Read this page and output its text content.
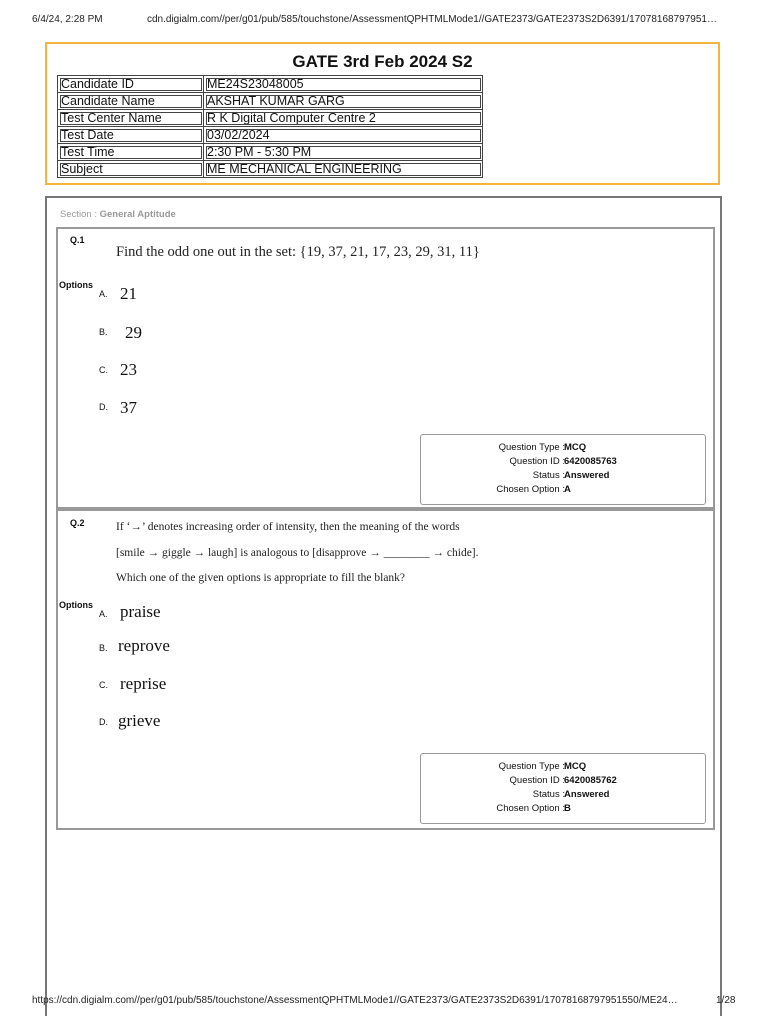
6/4/24, 2:28 PM	cdn.digialm.com//per/g01/pub/585/touchstone/AssessmentQPHTMLMode1//GATE2373/GATE2373S2D6391/17078168797951…
GATE 3rd Feb 2024 S2
Candidate ID	ME24S23048005
Candidate Name	AKSHAT KUMAR GARG
Test Center Name	R K Digital Computer Centre 2
Test Date	03/02/2024
Test Time	2:30 PM - 5:30 PM
Subject	ME MECHANICAL ENGINEERING
Section : General Aptitude
Q.1
Find the odd one out in the set: {19, 37, 21, 17, 23, 29, 31, 11}
Options
A. 21
B. 29
C. 23
D. 37
Question Type : MCQ
Question ID : 6420085763
Status : Answered
Chosen Option : A
Q.2	If ‘→’ denotes increasing order of intensity, then the meaning of the words
[smile → giggle → laugh] is analogous to [disapprove → ________ → chide].
Which one of the given options is appropriate to fill the blank?
Options
A. praise
B. reprove
C. reprise
D. grieve
Question Type : MCQ
Question ID : 6420085762
Status : Answered
Chosen Option : B
https://cdn.digialm.com//per/g01/pub/585/touchstone/AssessmentQPHTMLMode1//GATE2373/GATE2373S2D6391/17078168797951550/ME24…	1/28
